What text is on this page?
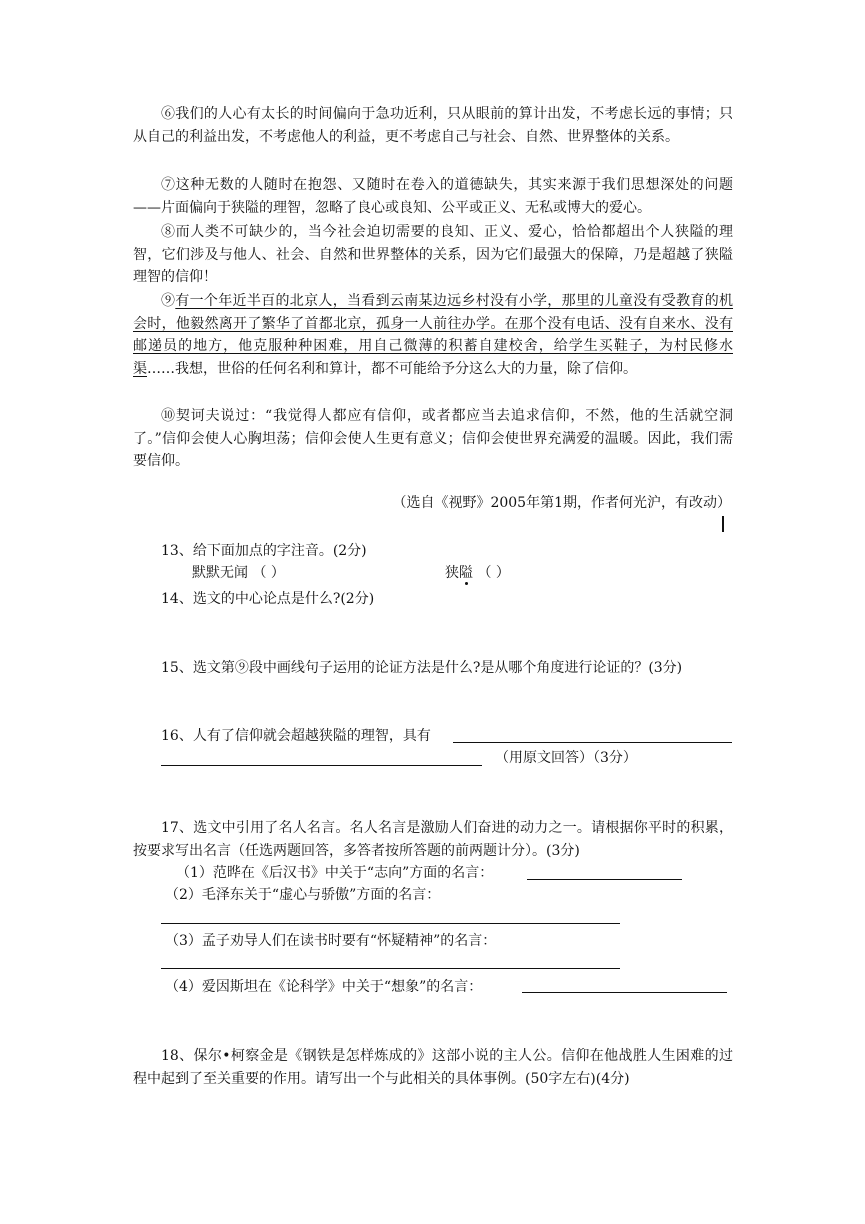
⑥我们的人心有太长的时间偏向于急功近利，只从眼前的算计出发，不考虑长远的事情；只从自己的利益出发，不考虑他人的利益，更不考虑自己与社会、自然、世界整体的关系。

⑦这种无数的人随时在抱怨、又随时在卷入的道德缺失，其实来源于我们思想深处的问题——片面偏向于狭隘的理智，忽略了良心或良知、公平或正义、无私或博大的爱心。

⑧而人类不可缺少的，当今社会迫切需要的良知、正义、爱心，恰恰都超出个人狭隘的理智，它们涉及与他人、社会、自然和世界整体的关系，因为它们最强大的保障，乃是超越了狭隘理智的信仰！

⑨有一个年近半百的北京人，当看到云南某边远乡村没有小学，那里的儿童没有受教育的机会时，他毅然离开了繁华了首都北京，孤身一人前往办学。在那个没有电话、没有自来水、没有邮递员的地方，他克服种种困难，用自己微薄的积蓄自建校舍，给学生买鞋子，为村民修水渠……我想，世俗的任何名利和算计，都不可能给予分这么大的力量，除了信仰。

⑩契诃夫说过：“我觉得人都应有信仰，或者都应当去追求信仰，不然，他的生活就空洞了。”信仰会使人心胸坦荡；信仰会使人生更有意义；信仰会使世界充满爱的温暖。因此，我们需要信仰。

（选自《视野》2005年第1期，作者何光沪，有改动）

13、给下面加点的字注音。(2分)

默默无闻 （ ）	狭隘 （ ）

14、选文的中心论点是什么?(2分)

15、选文第⑨段中画线句子运用的论证方法是什么?是从哪个角度进行论证的？(3分)

16、人有了信仰就会超越狭隘的理智，具有

（用原文回答）（3分）

17、选文中引用了名人名言。名人名言是激励人们奋进的动力之一。请根据你平时的积累，按要求写出名言（任选两题回答，多答者按所答题的前两题计分）。(3分)

（1）范晔在《后汉书》中关于“志向”方面的名言：

（2）毛泽东关于“虚心与骄傲”方面的名言：

（3）孟子劝导人们在读书时要有“怀疑精神”的名言：

（4）爱因斯坦在《论科学》中关于“想象”的名言：

18、保尔•柯察金是《钢铁是怎样炼成的》这部小说的主人公。信仰在他战胜人生困难的过程中起到了至关重要的作用。请写出一个与此相关的具体事例。(50字左右)(4分)
